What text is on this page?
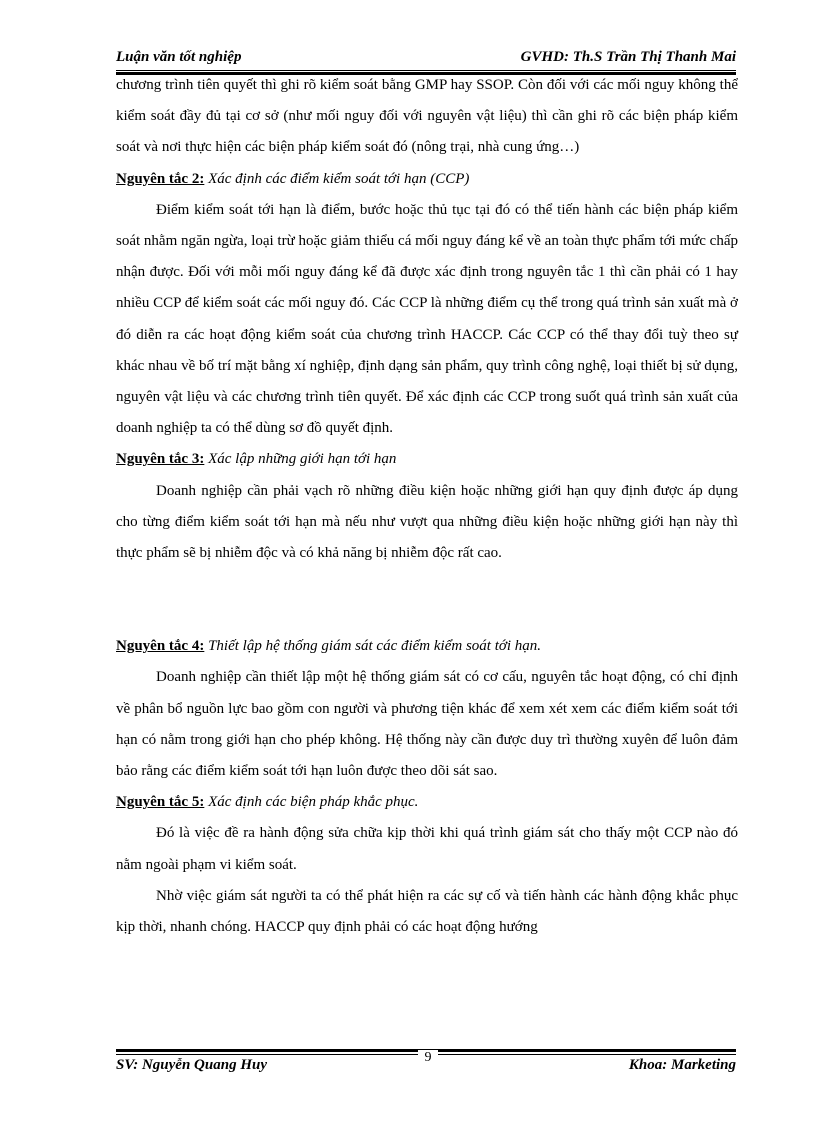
Luận văn tốt nghiệp	GVHD: Th.S Trần Thị Thanh Mai

chương trình tiên quyết thì ghi rõ kiểm soát bằng GMP hay SSOP. Còn đối với các mối nguy không thể kiểm soát đầy đủ tại cơ sở (như mối nguy đối với nguyên vật liệu) thì cần ghi rõ các biện pháp kiểm soát và nơi thực hiện các biện pháp kiểm soát đó (nông trại, nhà cung ứng…)

Nguyên tắc 2: Xác định các điểm kiểm soát tới hạn (CCP)

Điểm kiểm soát tới hạn là điểm, bước hoặc thủ tục tại đó có thể tiến hành các biện pháp kiểm soát nhằm ngăn ngừa, loại trừ hoặc giảm thiểu cá mối nguy đáng kể về an toàn thực phẩm tới mức chấp nhận được. Đối với mỗi mối nguy đáng kể đã được xác định trong nguyên tắc 1 thì cần phải có 1 hay nhiều CCP để kiểm soát các mối nguy đó. Các CCP là những điểm cụ thể trong quá trình sản xuất mà ở đó diễn ra các hoạt động kiểm soát của chương trình HACCP. Các CCP có thể thay đổi tuỳ theo sự khác nhau về bố trí mặt bằng xí nghiệp, định dạng sản phẩm, quy trình công nghệ, loại thiết bị sử dụng, nguyên vật liệu và các chương trình tiên quyết. Để xác định các CCP trong suốt quá trình sản xuất của doanh nghiệp ta có thể dùng sơ đồ quyết định.

Nguyên tắc 3: Xác lập những giới hạn tới hạn

Doanh nghiệp cần phải vạch rõ những điều kiện hoặc những giới hạn quy định được áp dụng cho từng điểm kiểm soát tới hạn mà nếu như vượt qua những điều kiện hoặc những giới hạn này thì thực phẩm sẽ bị nhiễm độc và có khả năng bị nhiễm độc rất cao.

Nguyên tắc 4: Thiết lập hệ thống giám sát các điểm kiểm soát tới hạn.

Doanh nghiệp cần thiết lập một hệ thống giám sát có cơ cấu, nguyên tắc hoạt động, có chỉ định về phân bổ nguồn lực bao gồm con người và phương tiện khác để xem xét xem các điểm kiểm soát tới hạn có nằm trong giới hạn cho phép không. Hệ thống này cần được duy trì thường xuyên để luôn đảm bảo rằng các điểm kiểm soát tới hạn luôn được theo dõi sát sao.

Nguyên tắc 5: Xác định các biện pháp khắc phục.

Đó là việc đề ra hành động sửa chữa kịp thời khi quá trình giám sát cho thấy một CCP nào đó nằm ngoài phạm vi kiểm soát.

Nhờ việc giám sát người ta có thể phát hiện ra các sự cố và tiến hành các hành động khắc phục kịp thời, nhanh chóng. HACCP quy định phải có các hoạt động hướng

9
SV: Nguyễn Quang Huy	Khoa: Marketing
